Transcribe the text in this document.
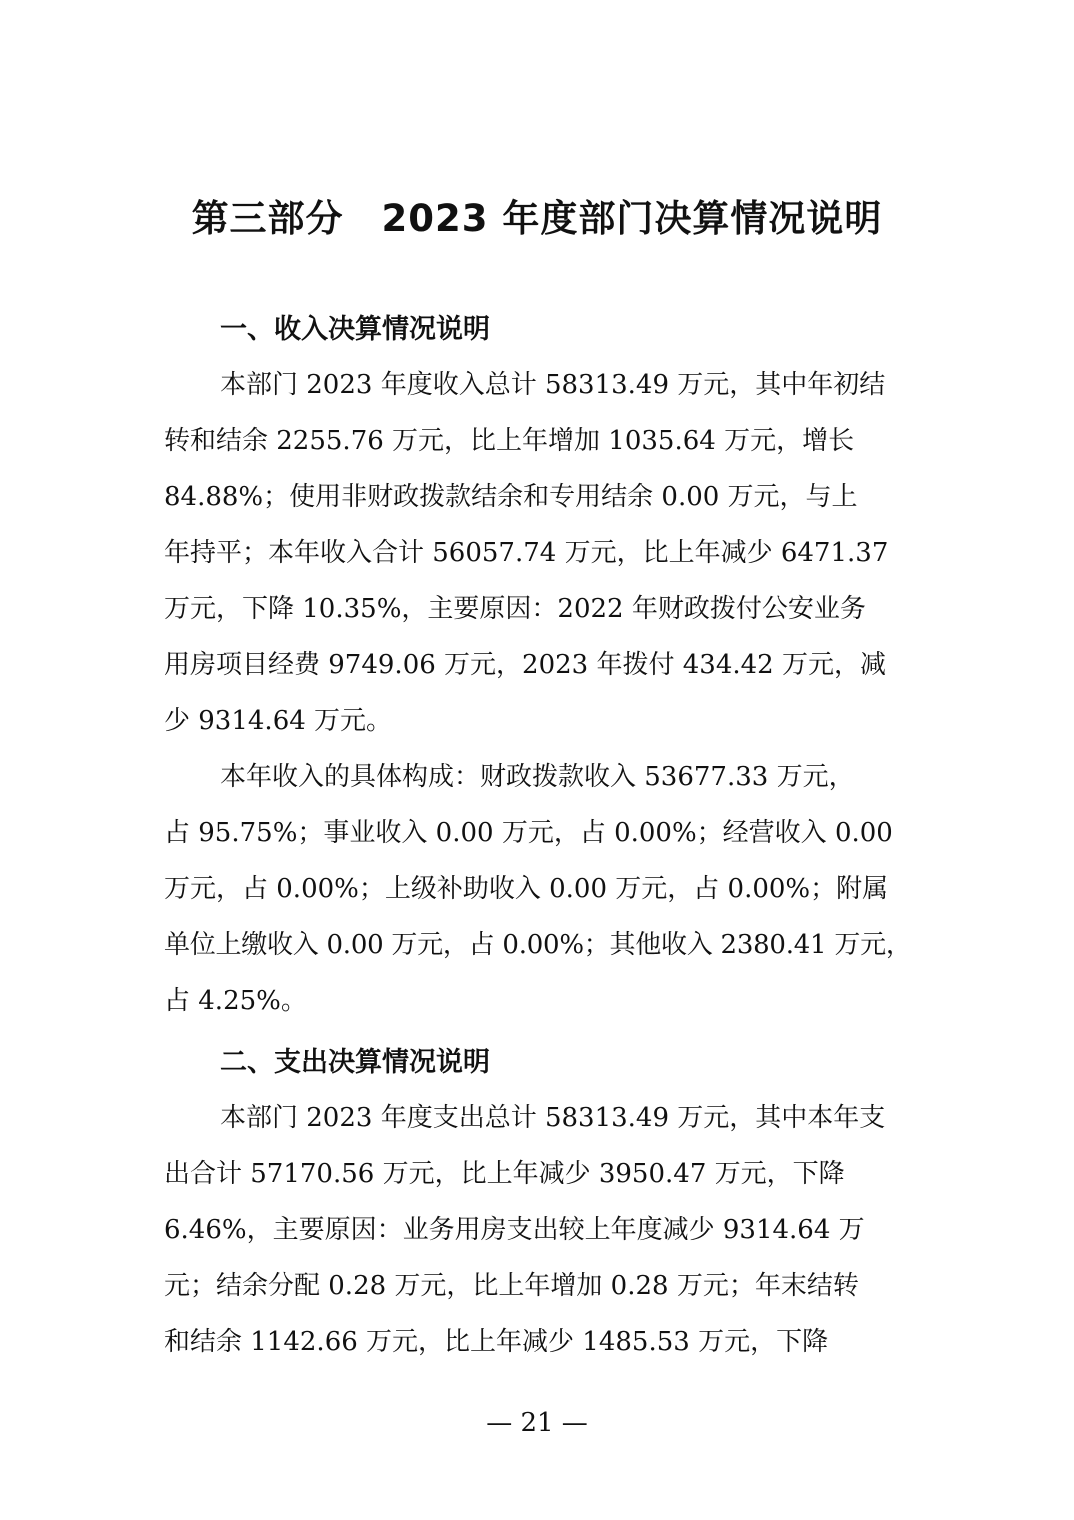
第三部分　2023 年度部门决算情况说明
一、收入决算情况说明
本部门 2023 年度收入总计 58313.49 万元，其中年初结
转和结余 2255.76 万元，比上年增加 1035.64 万元，增长
84.88%；使用非财政拨款结余和专用结余 0.00 万元，与上
年持平；本年收入合计 56057.74 万元，比上年减少 6471.37
万元，下降 10.35%，主要原因：2022 年财政拨付公安业务
用房项目经费 9749.06 万元，2023 年拨付 434.42 万元，减
少 9314.64 万元。
本年收入的具体构成：财政拨款收入 53677.33 万元，
占 95.75%；事业收入 0.00 万元，占 0.00%；经营收入 0.00
万元，占 0.00%；上级补助收入 0.00 万元，占 0.00%；附属
单位上缴收入 0.00 万元，占 0.00%；其他收入 2380.41 万元，
占 4.25%。
二、支出决算情况说明
本部门 2023 年度支出总计 58313.49 万元，其中本年支
出合计 57170.56 万元，比上年减少 3950.47 万元，下降
6.46%，主要原因：业务用房支出较上年度减少 9314.64 万
元；结余分配 0.28 万元，比上年增加 0.28 万元；年末结转
和结余 1142.66 万元，比上年减少 1485.53 万元，下降
— 21 —
